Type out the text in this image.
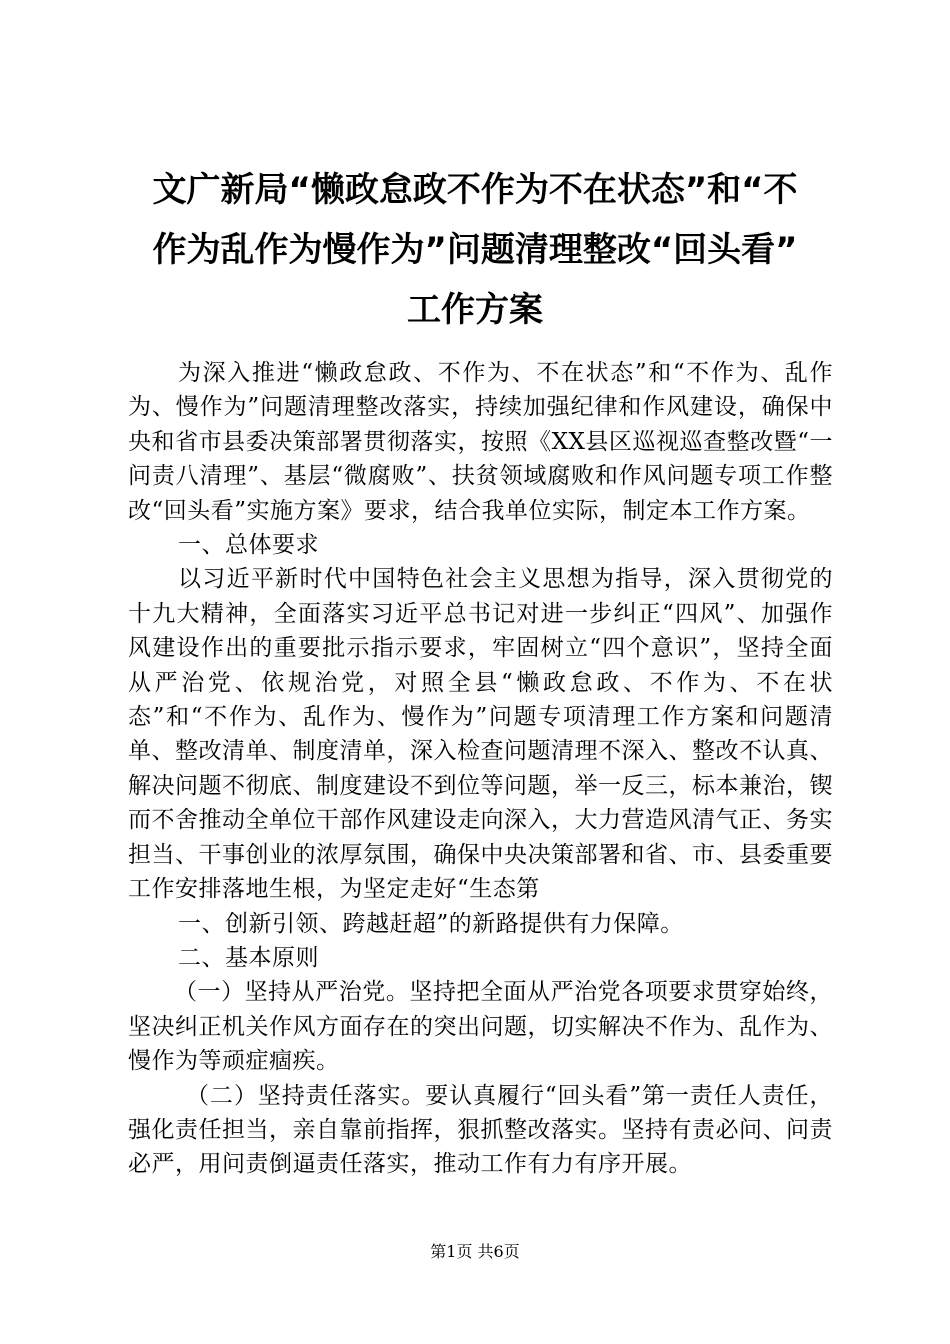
文广新局“懒政怠政不作为不在状态”和“不
作为乱作为慢作为”问题清理整改“回头看”
工作方案

为深入推进“懒政怠政、不作为、不在状态”和“不作为、乱作为、慢作为”问题清理整改落实，持续加强纪律和作风建设，确保中央和省市县委决策部署贯彻落实，按照《XX县区巡视巡查整改暨“一问责八清理”、基层“微腐败”、扶贫领域腐败和作风问题专项工作整改“回头看”实施方案》要求，结合我单位实际，制定本工作方案。

一、总体要求

以习近平新时代中国特色社会主义思想为指导，深入贯彻党的十九大精神，全面落实习近平总书记对进一步纠正“四风”、加强作风建设作出的重要批示指示要求，牢固树立“四个意识”，坚持全面从严治党、依规治党，对照全县“懒政怠政、不作为、不在状态”和“不作为、乱作为、慢作为”问题专项清理工作方案和问题清单、整改清单、制度清单，深入检查问题清理不深入、整改不认真、解决问题不彻底、制度建设不到位等问题，举一反三，标本兼治，锲而不舍推动全单位干部作风建设走向深入，大力营造风清气正、务实担当、干事创业的浓厚氛围，确保中央决策部署和省、市、县委重要工作安排落地生根，为坚定走好“生态第

一、创新引领、跨越赶超”的新路提供有力保障。

二、基本原则

（一）坚持从严治党。坚持把全面从严治党各项要求贯穿始终，坚决纠正机关作风方面存在的突出问题，切实解决不作为、乱作为、慢作为等顽症痼疾。

（二）坚持责任落实。要认真履行“回头看”第一责任人责任，强化责任担当，亲自靠前指挥，狠抓整改落实。坚持有责必问、问责必严，用问责倒逼责任落实，推动工作有力有序开展。

第1页 共6页
